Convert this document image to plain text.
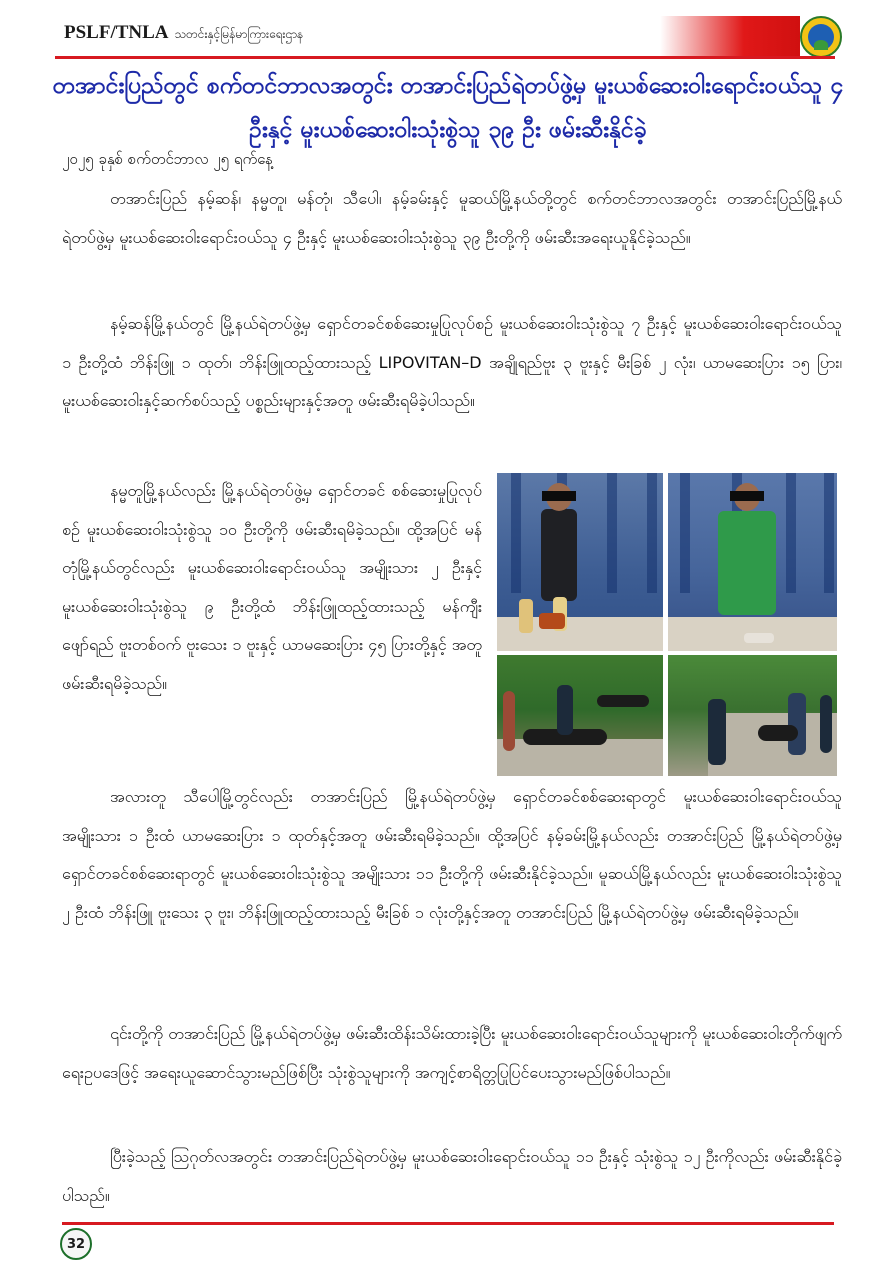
PSLF/TNLA သတင်းနှင့်မြန်မာကြားရေးဌာန
တအာင်းပြည်တွင် စက်တင်ဘာလအတွင်း တအာင်းပြည်ရဲတပ်ဖွဲ့မှ မူးယစ်ဆေးဝါးရောင်းဝယ်သူ ၄ ဦးနှင့် မူးယစ်ဆေးဝါးသုံးစွဲသူ ၃၉ ဦး ဖမ်းဆီးနိုင်ခဲ့
၂၀၂၅ ခုနှစ် စက်တင်ဘာလ ၂၅ ရက်နေ့
တအာင်းပြည် နမ့်ဆန်၊ နမ္မတူ၊ မန်တုံ၊ သီပေါ၊ နမ့်ခမ်းနှင့် မူဆယ်မြို့နယ်တို့တွင် စက်တင်ဘာလအတွင်း တအာင်းပြည်မြို့နယ်ရဲတပ်ဖွဲ့မှ မူးယစ်ဆေးဝါးရောင်းဝယ်သူ ၄ ဦးနှင့် မူးယစ်ဆေးဝါးသုံးစွဲသူ ၃၉ ဦးတို့ကို ဖမ်းဆီးအရေးယူနိုင်ခဲ့သည်။
နမ့်ဆန်မြို့နယ်တွင် မြို့နယ်ရဲတပ်ဖွဲ့မှ ရှောင်တခင်စစ်ဆေးမှုပြုလုပ်စဉ် မူးယစ်ဆေးဝါးသုံးစွဲသူ ၇ ဦးနှင့် မူးယစ်ဆေးဝါးရောင်းဝယ်သူ ၁ ဦးတို့ထံ ဘိန်းဖြူ ၁ ထုတ်၊ ဘိန်းဖြူထည့်ထားသည့် LIPOVITAN–D အချိုရည်ဗူး ၃ ဗူးနှင့် မီးခြစ် ၂ လုံး၊ ယာမဆေးပြား ၁၅ ပြား၊ မူးယစ်ဆေးဝါးနှင့်ဆက်စပ်သည့် ပစ္စည်းများနှင့်အတူ ဖမ်းဆီးရမိခဲ့ပါသည်။
နမ္မတူမြို့နယ်လည်း မြို့နယ်ရဲတပ်ဖွဲ့မှ ရှောင်တခင် စစ်ဆေးမှုပြုလုပ်စဉ် မူးယစ်ဆေးဝါးသုံးစွဲသူ ၁၀ ဦးတို့ကို ဖမ်းဆီးရမိခဲ့သည်။ ထို့အပြင် မန်တုံမြို့နယ်တွင်လည်း မူးယစ်ဆေးဝါးရောင်းဝယ်သူ အမျိုးသား ၂ ဦးနှင့် မူးယစ်ဆေးဝါးသုံးစွဲသူ ၉ ဦးတို့ထံ ဘိန်းဖြူထည့်ထားသည့် မန်ကျီးဖျော်ရည် ဗူးတစ်ဝက် ဗူးသေး ၁ ဗူးနှင့် ယာမဆေးပြား ၄၅ ပြားတို့နှင့် အတူ ဖမ်းဆီးရမိခဲ့သည်။
အလားတူ သီပေါမြို့တွင်လည်း တအာင်းပြည် မြို့နယ်ရဲတပ်ဖွဲ့မှ ရှောင်တခင်စစ်ဆေးရာတွင် မူးယစ်ဆေးဝါးရောင်းဝယ်သူ အမျိုးသား ၁ ဦးထံ ယာမဆေးပြား ၁ ထုတ်နှင့်အတူ ဖမ်းဆီးရမိခဲ့သည်။ ထို့အပြင် နမ့်ခမ်းမြို့နယ်လည်း တအာင်းပြည် မြို့နယ်ရဲတပ်ဖွဲ့မှ ရှောင်တခင်စစ်ဆေးရာတွင် မူးယစ်ဆေးဝါးသုံးစွဲသူ အမျိုးသား ၁၁ ဦးတို့ကို ဖမ်းဆီးနိုင်ခဲ့သည်။ မူဆယ်မြို့နယ်လည်း မူးယစ်ဆေးဝါးသုံးစွဲသူ ၂ ဦးထံ ဘိန်းဖြူ ဗူးသေး ၃ ဗူး၊ ဘိန်းဖြူထည့်ထားသည့် မီးခြစ် ၁ လုံးတို့နှင့်အတူ တအာင်းပြည် မြို့နယ်ရဲတပ်ဖွဲ့မှ ဖမ်းဆီးရမိခဲ့သည်။
၎င်းတို့ကို တအာင်းပြည် မြို့နယ်ရဲတပ်ဖွဲ့မှ ဖမ်းဆီးထိန်းသိမ်းထားခဲ့ပြီး မူးယစ်ဆေးဝါးရောင်းဝယ်သူများကို မူးယစ်ဆေးဝါးတိုက်ဖျက်ရေးဥပဒေဖြင့် အရေးယူဆောင်သွားမည်ဖြစ်ပြီး သုံးစွဲသူများကို အကျင့်စာရိတ္တပြုပြင်ပေးသွားမည်ဖြစ်ပါသည်။
ပြီးခဲ့သည့် ဩဂုတ်လအတွင်း တအာင်းပြည်ရဲတပ်ဖွဲ့မှ မူးယစ်ဆေးဝါးရောင်းဝယ်သူ ၁၁ ဦးနှင့် သုံးစွဲသူ ၁၂ ဦးကိုလည်း ဖမ်းဆီးနိုင်ခဲ့ပါသည်။
32
